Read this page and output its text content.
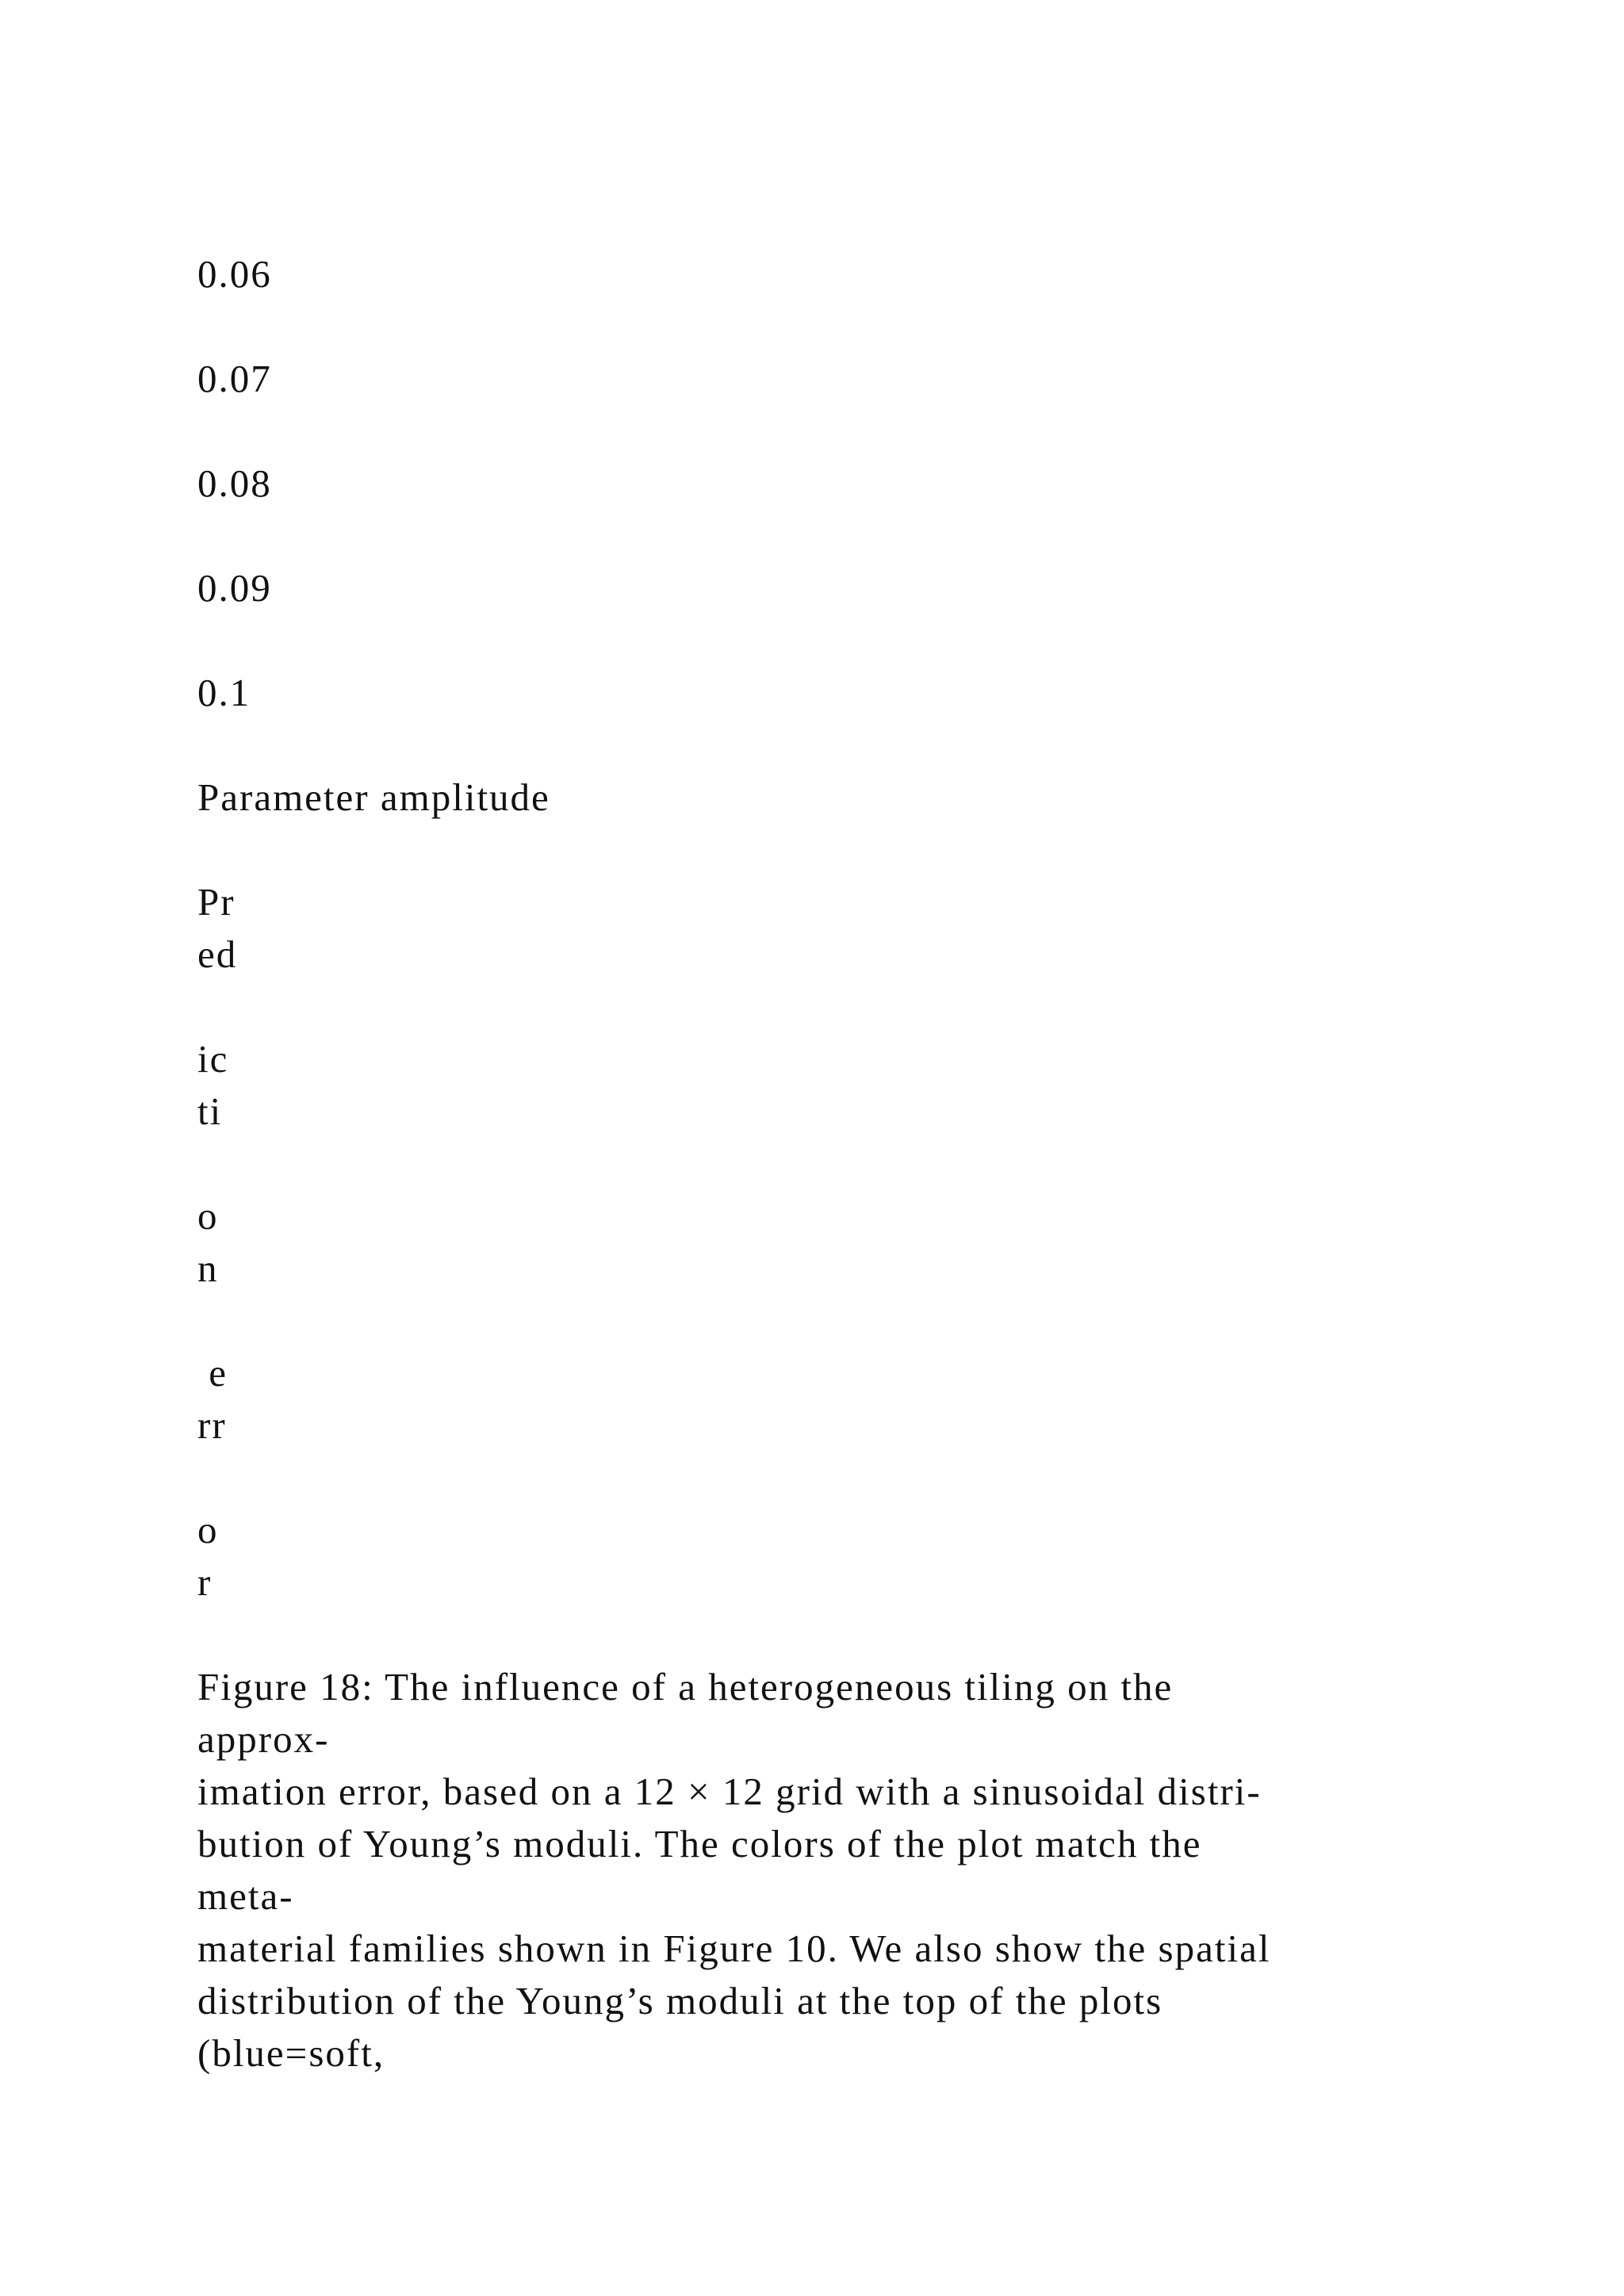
0.06

0.07

0.08

0.09

0.1

Parameter amplitude

Pr

ed

ic

ti

o

n

e

rr

o

r

Figure 18: The influence of a heterogeneous tiling on the

approx-

imation error, based on a 12 × 12 grid with a sinusoidal distri-

bution of Young’s moduli. The colors of the plot match the

meta-

material families shown in Figure 10. We also show the spatial

distribution of the Young’s moduli at the top of the plots

(blue=soft,
